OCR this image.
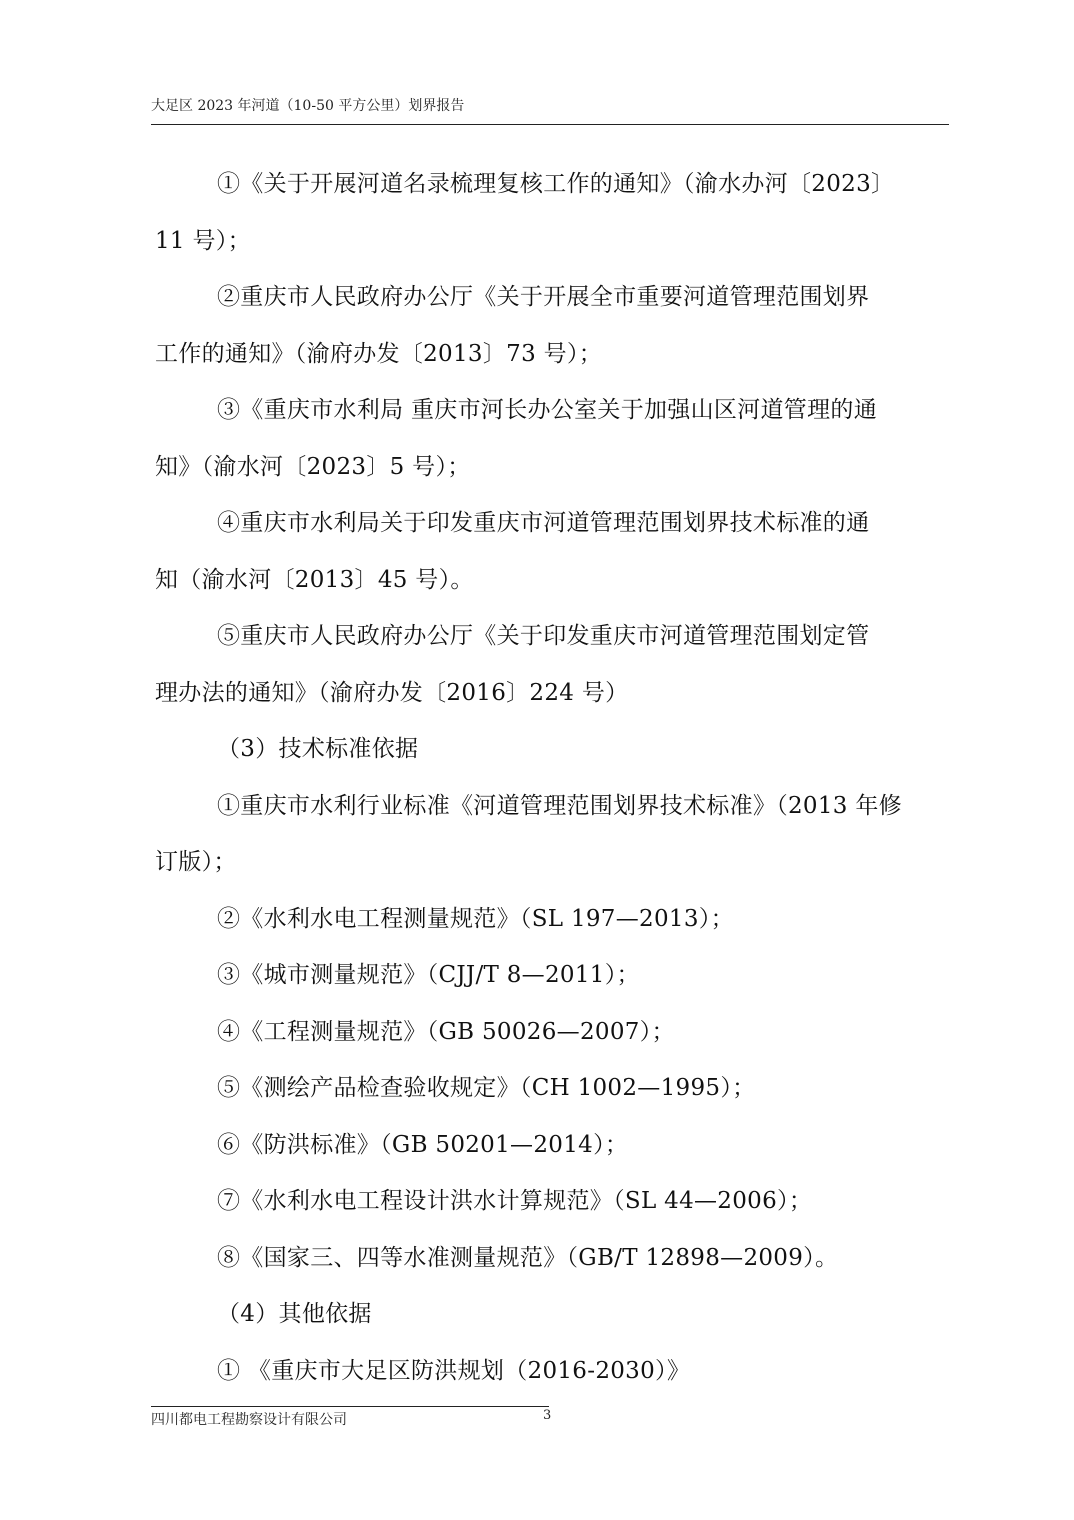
大足区 2023 年河道（10-50 平方公里）划界报告

①《关于开展河道名录梳理复核工作的通知》（渝水办河〔2023〕

11 号）；

②重庆市人民政府办公厅《关于开展全市重要河道管理范围划界

工作的通知》（渝府办发〔2013〕73 号）；

③《重庆市水利局 重庆市河长办公室关于加强山区河道管理的通

知》（渝水河〔2023〕5 号）；

④重庆市水利局关于印发重庆市河道管理范围划界技术标准的通

知（渝水河〔2013〕45 号）。

⑤重庆市人民政府办公厅《关于印发重庆市河道管理范围划定管

理办法的通知》（渝府办发〔2016〕224 号）

（3）技术标准依据

①重庆市水利行业标准《河道管理范围划界技术标准》（2013 年修

订版）；

②《水利水电工程测量规范》（SL 197—2013）；

③《城市测量规范》（CJJ/T 8—2011）；

④《工程测量规范》（GB 50026—2007）；

⑤《测绘产品检查验收规定》（CH 1002—1995）；

⑥《防洪标准》（GB 50201—2014）；

⑦《水利水电工程设计洪水计算规范》（SL 44—2006）；

⑧《国家三、四等水准测量规范》（GB/T 12898—2009）。

（4）其他依据

① 《重庆市大足区防洪规划（2016-2030）》

四川都电工程勘察设计有限公司	3
